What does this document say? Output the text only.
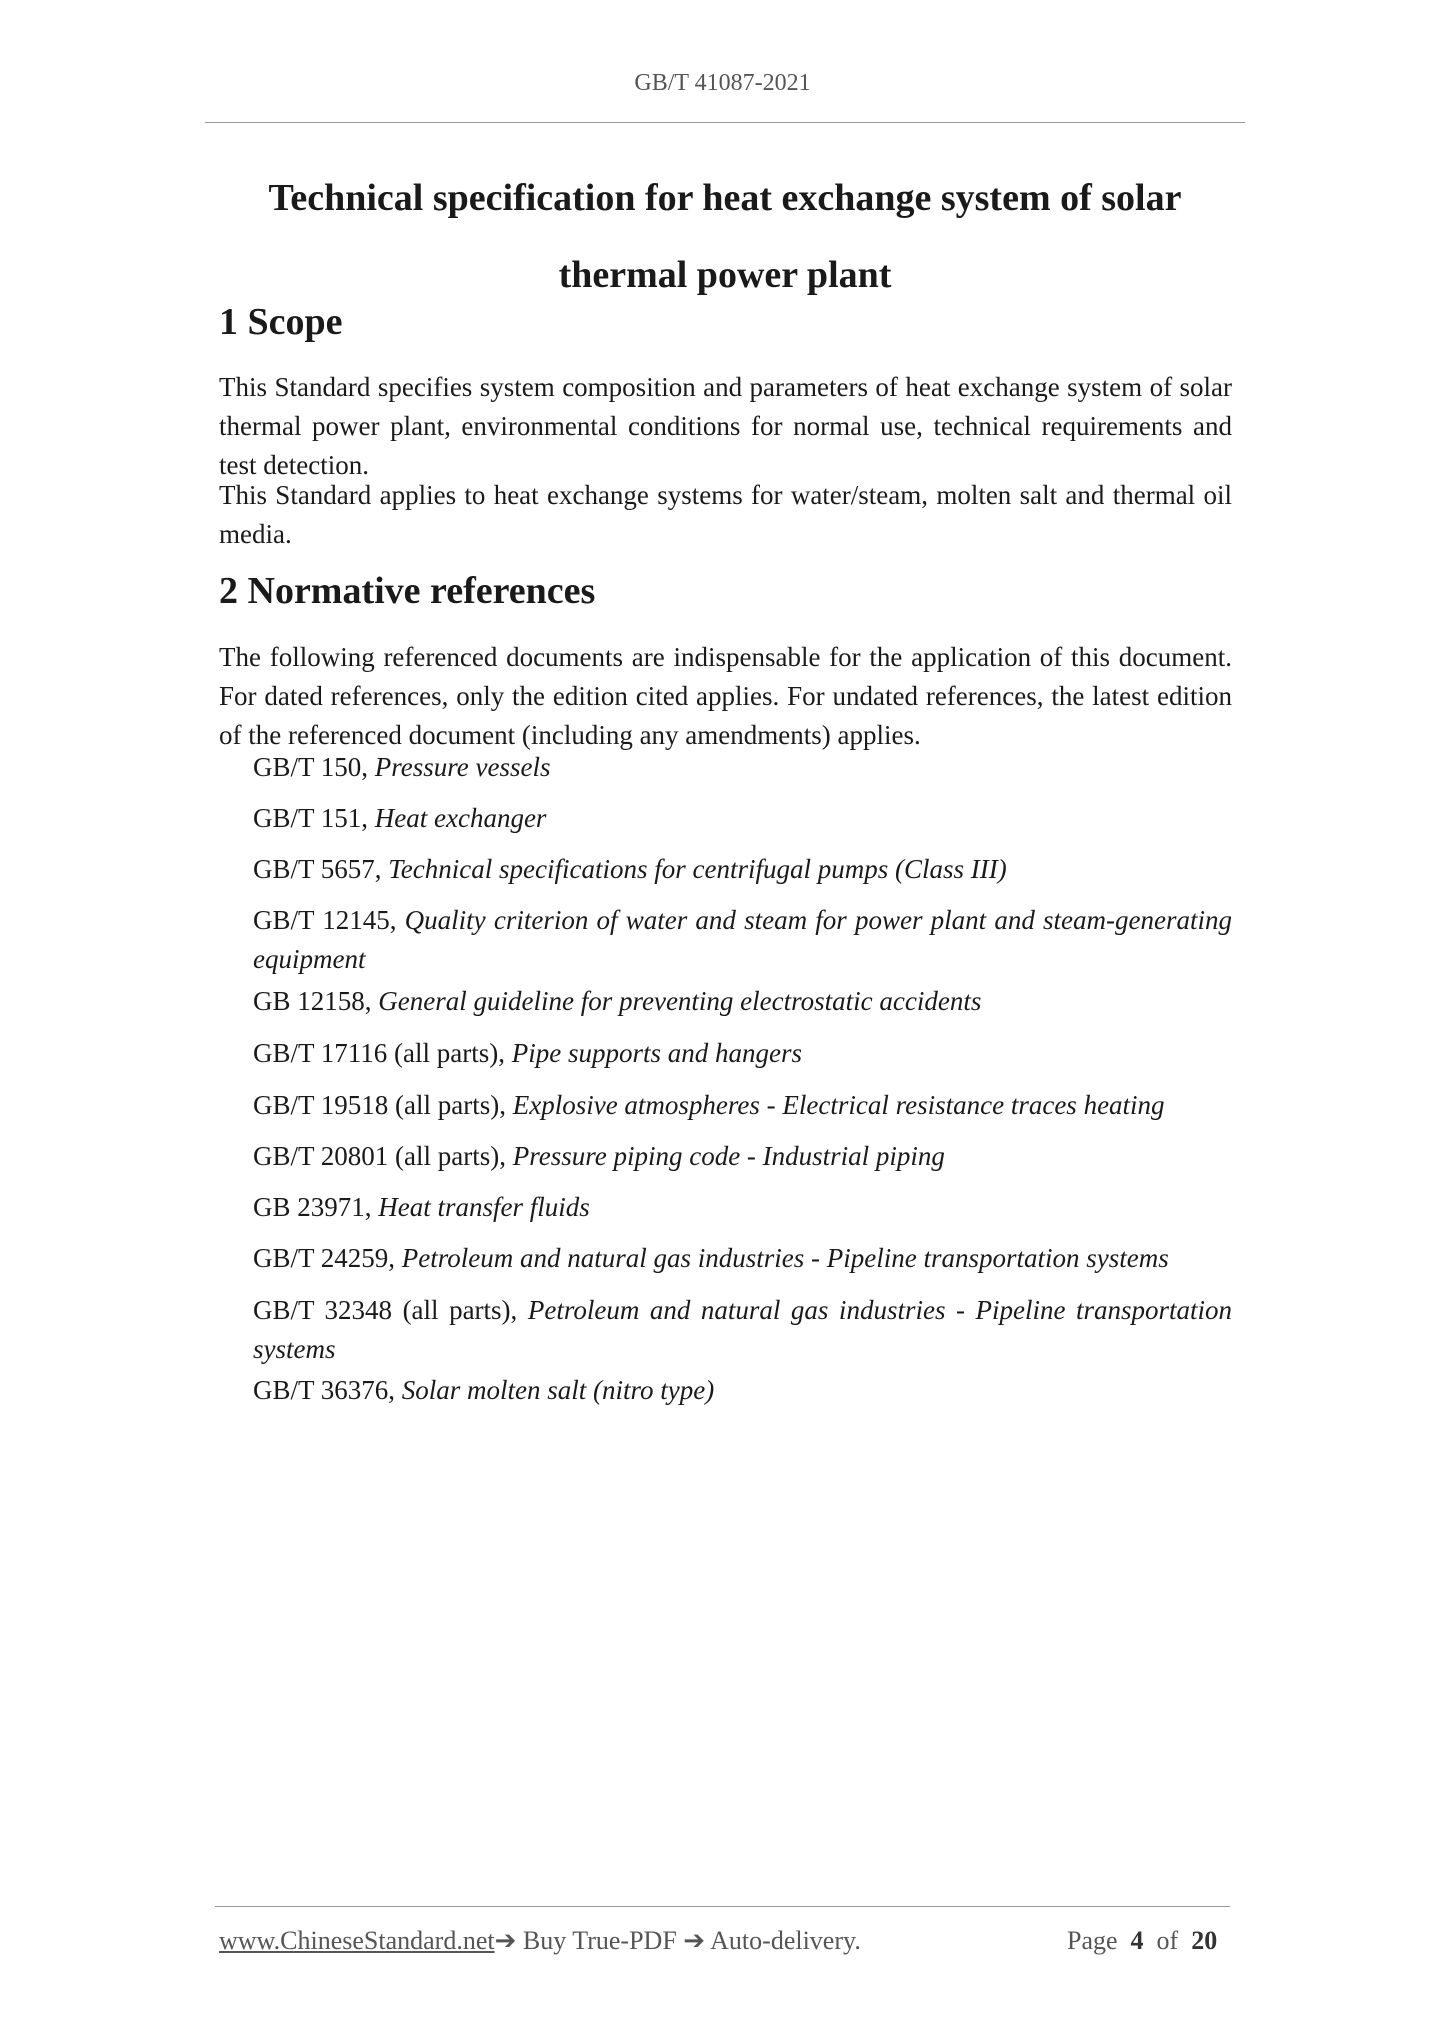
GB/T 41087-2021
Technical specification for heat exchange system of solar
thermal power plant
1 Scope
This Standard specifies system composition and parameters of heat exchange system of solar thermal power plant, environmental conditions for normal use, technical requirements and test detection.
This Standard applies to heat exchange systems for water/steam, molten salt and thermal oil media.
2 Normative references
The following referenced documents are indispensable for the application of this document. For dated references, only the edition cited applies. For undated references, the latest edition of the referenced document (including any amendments) applies.
GB/T 150, Pressure vessels
GB/T 151, Heat exchanger
GB/T 5657, Technical specifications for centrifugal pumps (Class III)
GB/T 12145, Quality criterion of water and steam for power plant and steam-generating equipment
GB 12158, General guideline for preventing electrostatic accidents
GB/T 17116 (all parts), Pipe supports and hangers
GB/T 19518 (all parts), Explosive atmospheres - Electrical resistance traces heating
GB/T 20801 (all parts), Pressure piping code - Industrial piping
GB 23971, Heat transfer fluids
GB/T 24259, Petroleum and natural gas industries - Pipeline transportation systems
GB/T 32348 (all parts), Petroleum and natural gas industries - Pipeline transportation systems
GB/T 36376, Solar molten salt (nitro type)
www.ChineseStandard.net➔ Buy True-PDF ➔ Auto-delivery.	Page 4 of 20
